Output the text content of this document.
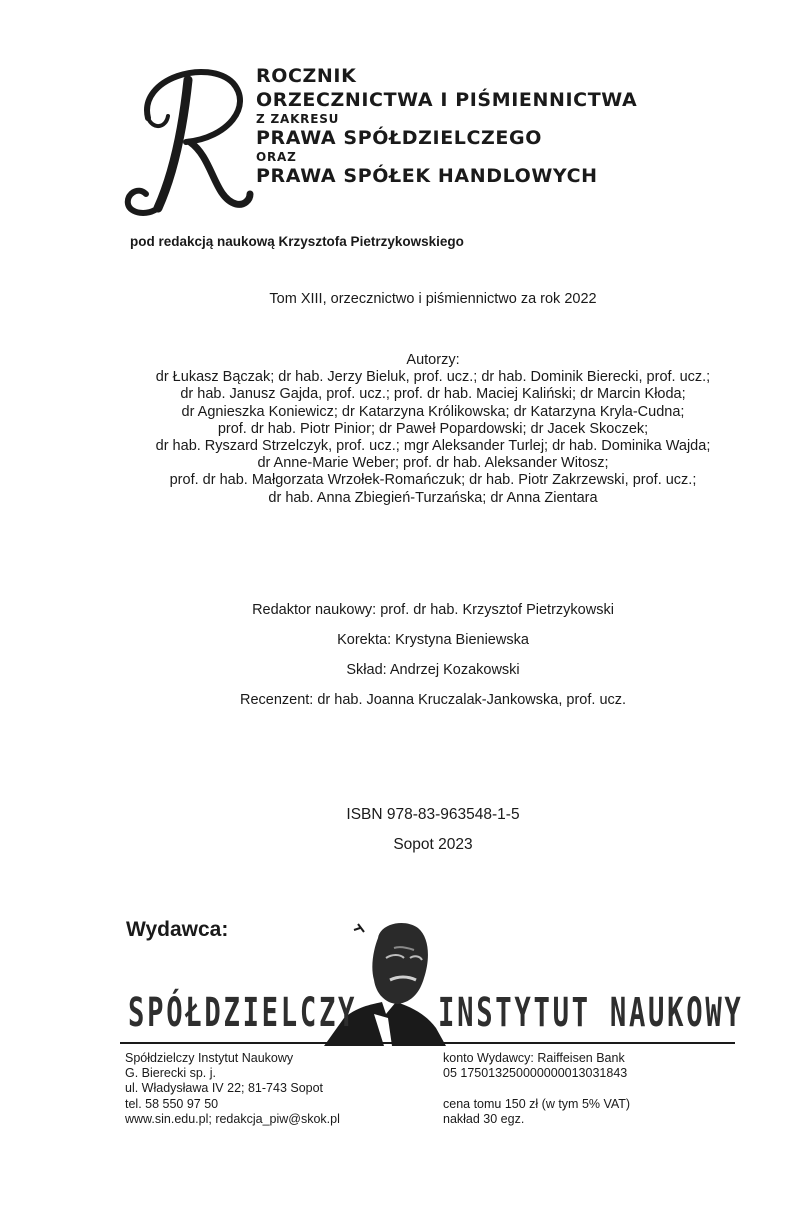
ROCZNIK
ORZECZNICTWA I PIŚMIENNICTWA
Z ZAKRESU
PRAWA SPÓŁDZIELCZEGO
ORAZ
PRAWA SPÓŁEK HANDLOWYCH
pod redakcją naukową Krzysztofa Pietrzykowskiego
Tom XIII, orzecznictwo i piśmiennictwo za rok 2022
Autorzy:
dr Łukasz Bączak; dr hab. Jerzy Bieluk, prof. ucz.; dr hab. Dominik Bierecki, prof. ucz.;
dr hab. Janusz Gajda, prof. ucz.; prof. dr hab. Maciej Kaliński; dr Marcin Kłoda;
dr Agnieszka Koniewicz; dr Katarzyna Królikowska; dr Katarzyna Kryla-Cudna;
prof. dr hab. Piotr Pinior; dr Paweł Popardowski; dr Jacek Skoczek;
dr hab. Ryszard Strzelczyk, prof. ucz.; mgr Aleksander Turlej; dr hab. Dominika Wajda;
dr Anne-Marie Weber; prof. dr hab. Aleksander Witosz;
prof. dr hab. Małgorzata Wrzołek-Romańczuk; dr hab. Piotr Zakrzewski, prof. ucz.;
dr hab. Anna Zbiegień-Turzańska; dr Anna Zientara
Redaktor naukowy: prof. dr hab. Krzysztof Pietrzykowski
Korekta: Krystyna Bieniewska
Skład: Andrzej Kozakowski
Recenzent: dr hab. Joanna Kruczalak-Jankowska, prof. ucz.
ISBN 978-83-963548-1-5
Sopot 2023
Wydawca:
SPÓŁDZIELCZY INSTYTUT NAUKOWY
Spółdzielczy Instytut Naukowy
G. Bierecki sp. j.
ul. Władysława IV 22; 81-743 Sopot
tel. 58 550 97 50
www.sin.edu.pl; redakcja_piw@skok.pl
konto Wydawcy: Raiffeisen Bank
05 175013250000000013031843
cena tomu 150 zł (w tym 5% VAT)
nakład 30 egz.
